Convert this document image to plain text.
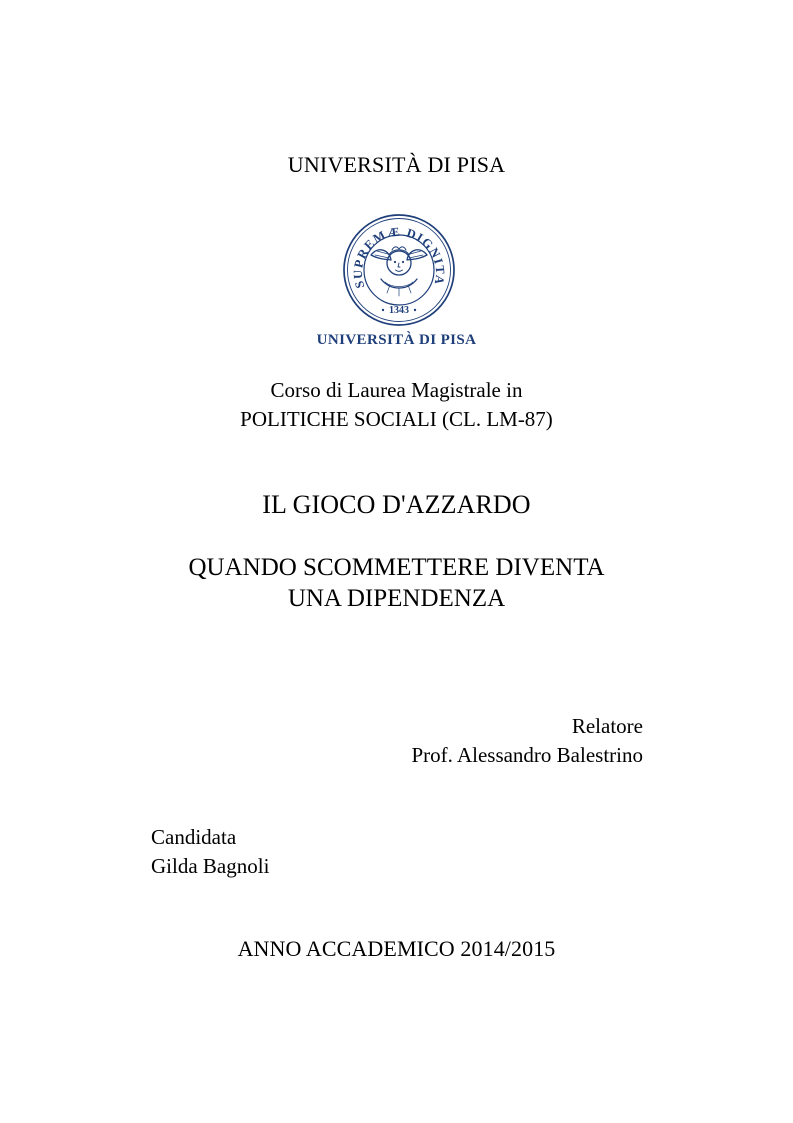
UNIVERSITÀ DI PISA
IN SUPREMÆ DIGNITATIS
1343
UNIVERSITÀ DI PISA
Corso di Laurea Magistrale in
POLITICHE SOCIALI (CL. LM-87)
IL GIOCO D'AZZARDO
QUANDO SCOMMETTERE DIVENTA
UNA DIPENDENZA
Relatore
Prof. Alessandro Balestrino
Candidata
Gilda Bagnoli
ANNO ACCADEMICO 2014/2015
